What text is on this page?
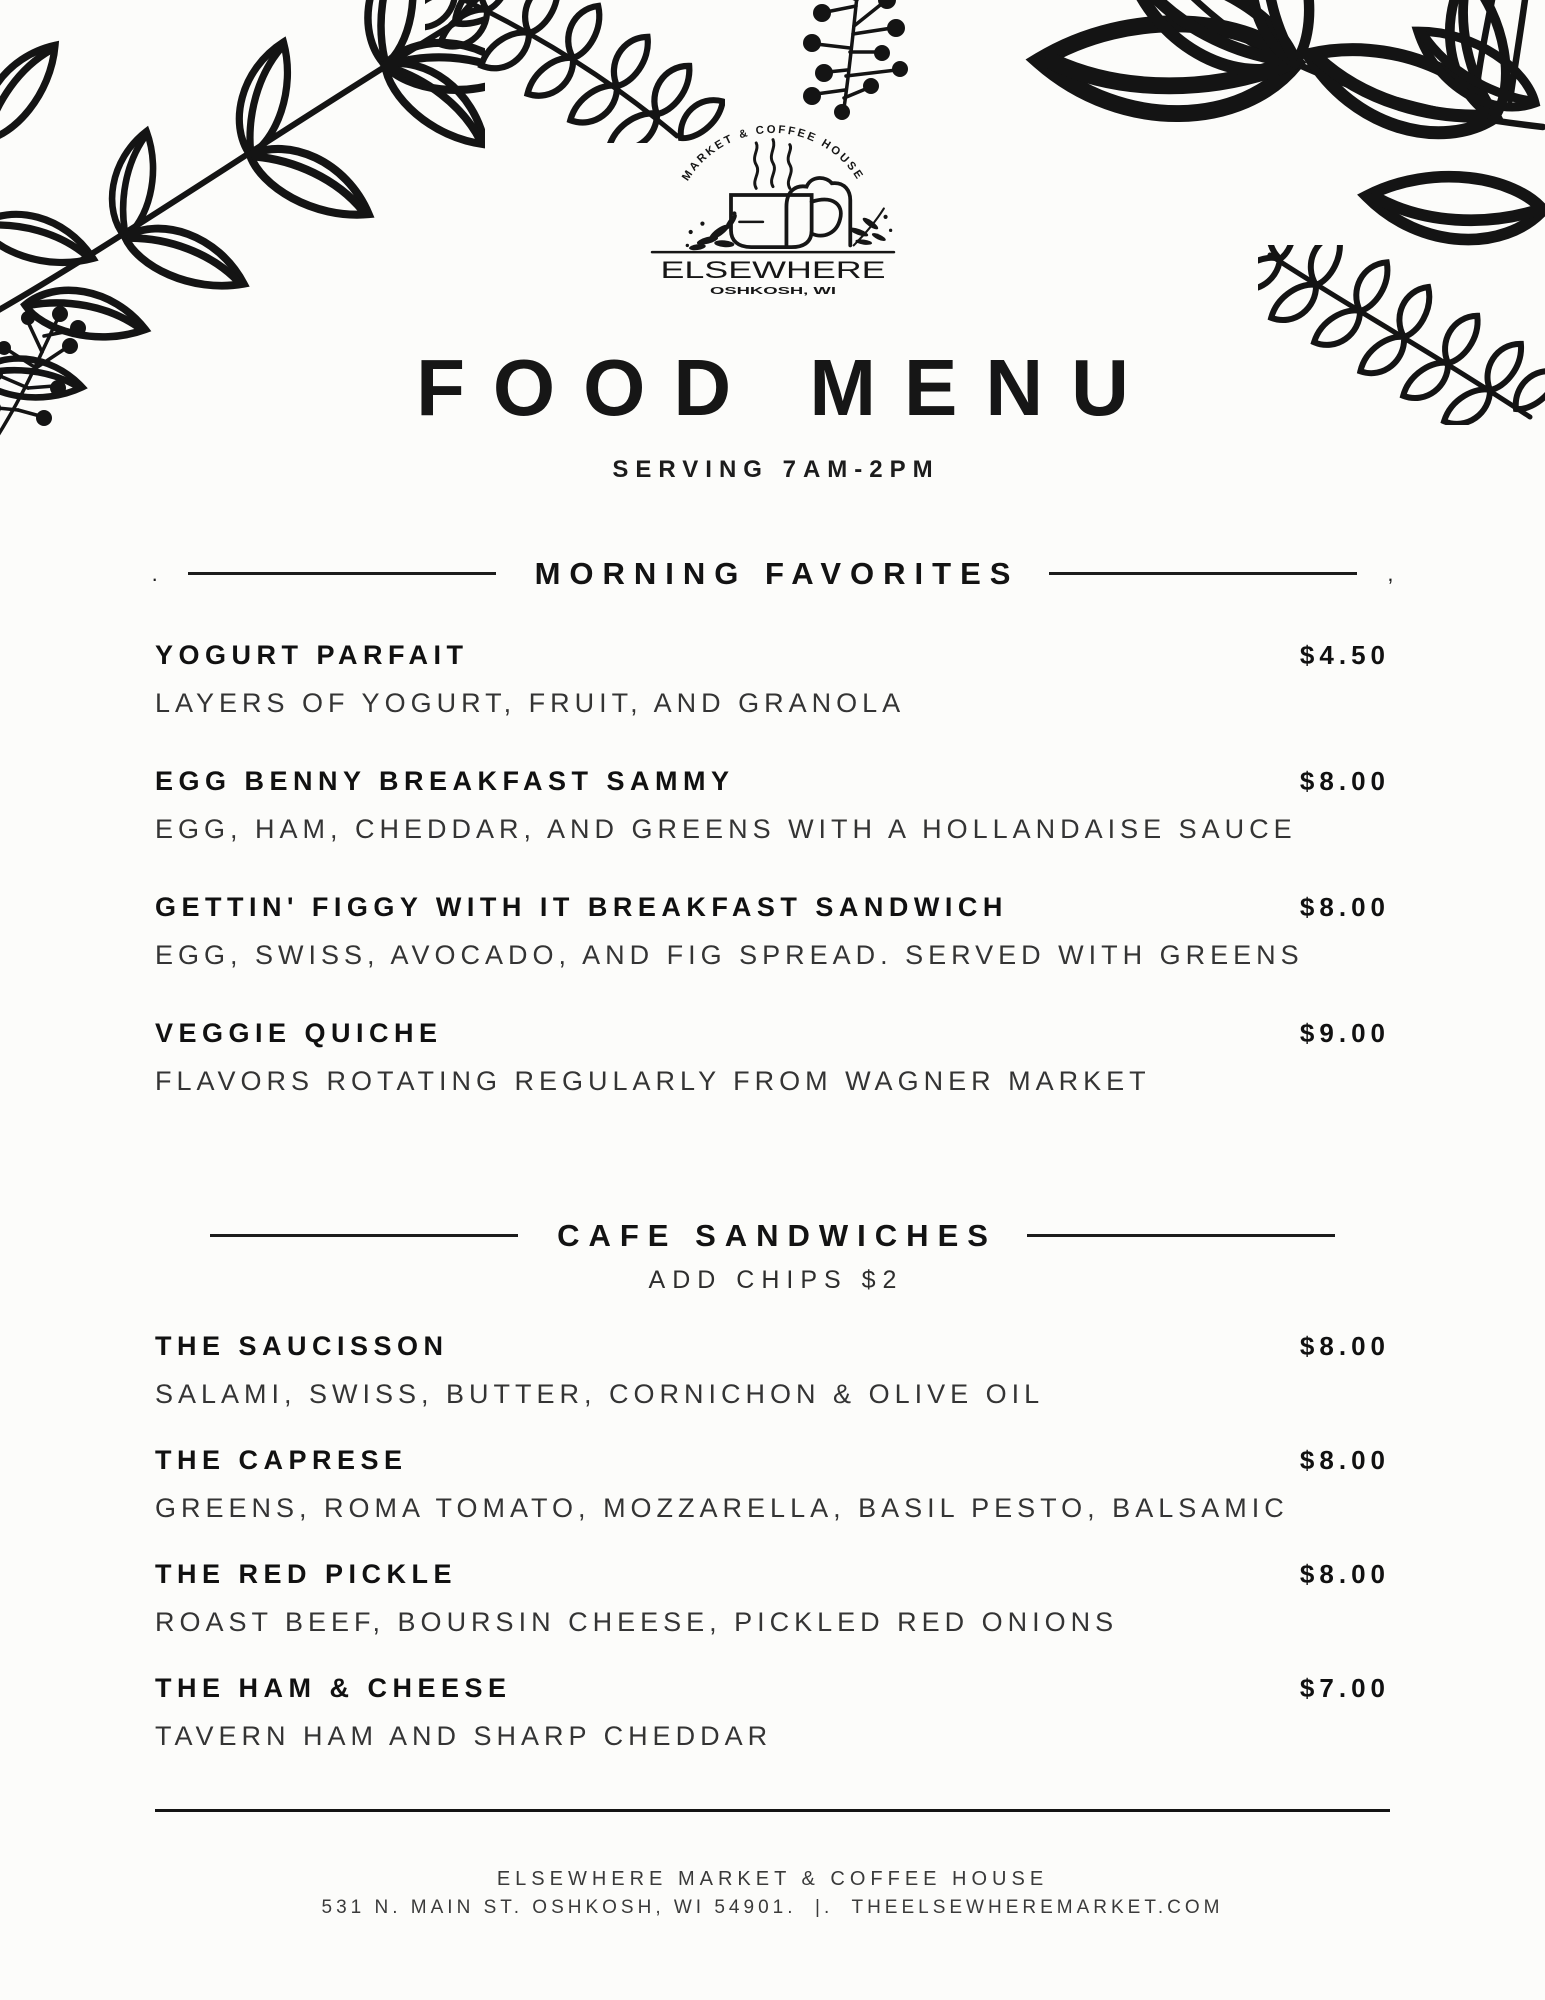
MARKET & COFFEE HOUSE
ELSEWHERE
OSHKOSH, WI
FOOD MENU
SERVING 7AM-2PM
.	MORNING FAVORITES	,
YOGURT PARFAIT	$4.50
LAYERS OF YOGURT, FRUIT, AND GRANOLA
EGG BENNY BREAKFAST SAMMY	$8.00
EGG, HAM, CHEDDAR, AND GREENS WITH A HOLLANDAISE SAUCE
GETTIN' FIGGY WITH IT BREAKFAST SANDWICH	$8.00
EGG, SWISS, AVOCADO, AND FIG SPREAD. SERVED WITH GREENS
VEGGIE QUICHE	$9.00
FLAVORS ROTATING REGULARLY FROM WAGNER MARKET
CAFE SANDWICHES
ADD CHIPS $2
THE SAUCISSON	$8.00
SALAMI, SWISS, BUTTER, CORNICHON & OLIVE OIL
THE CAPRESE	$8.00
GREENS, ROMA TOMATO, MOZZARELLA, BASIL PESTO, BALSAMIC
THE RED PICKLE	$8.00
ROAST BEEF, BOURSIN CHEESE, PICKLED RED ONIONS
THE HAM & CHEESE	$7.00
TAVERN HAM AND SHARP CHEDDAR
ELSEWHERE MARKET & COFFEE HOUSE
531 N. MAIN ST. OSHKOSH, WI 54901.  |.  THEELSEWHEREMARKET.COM
